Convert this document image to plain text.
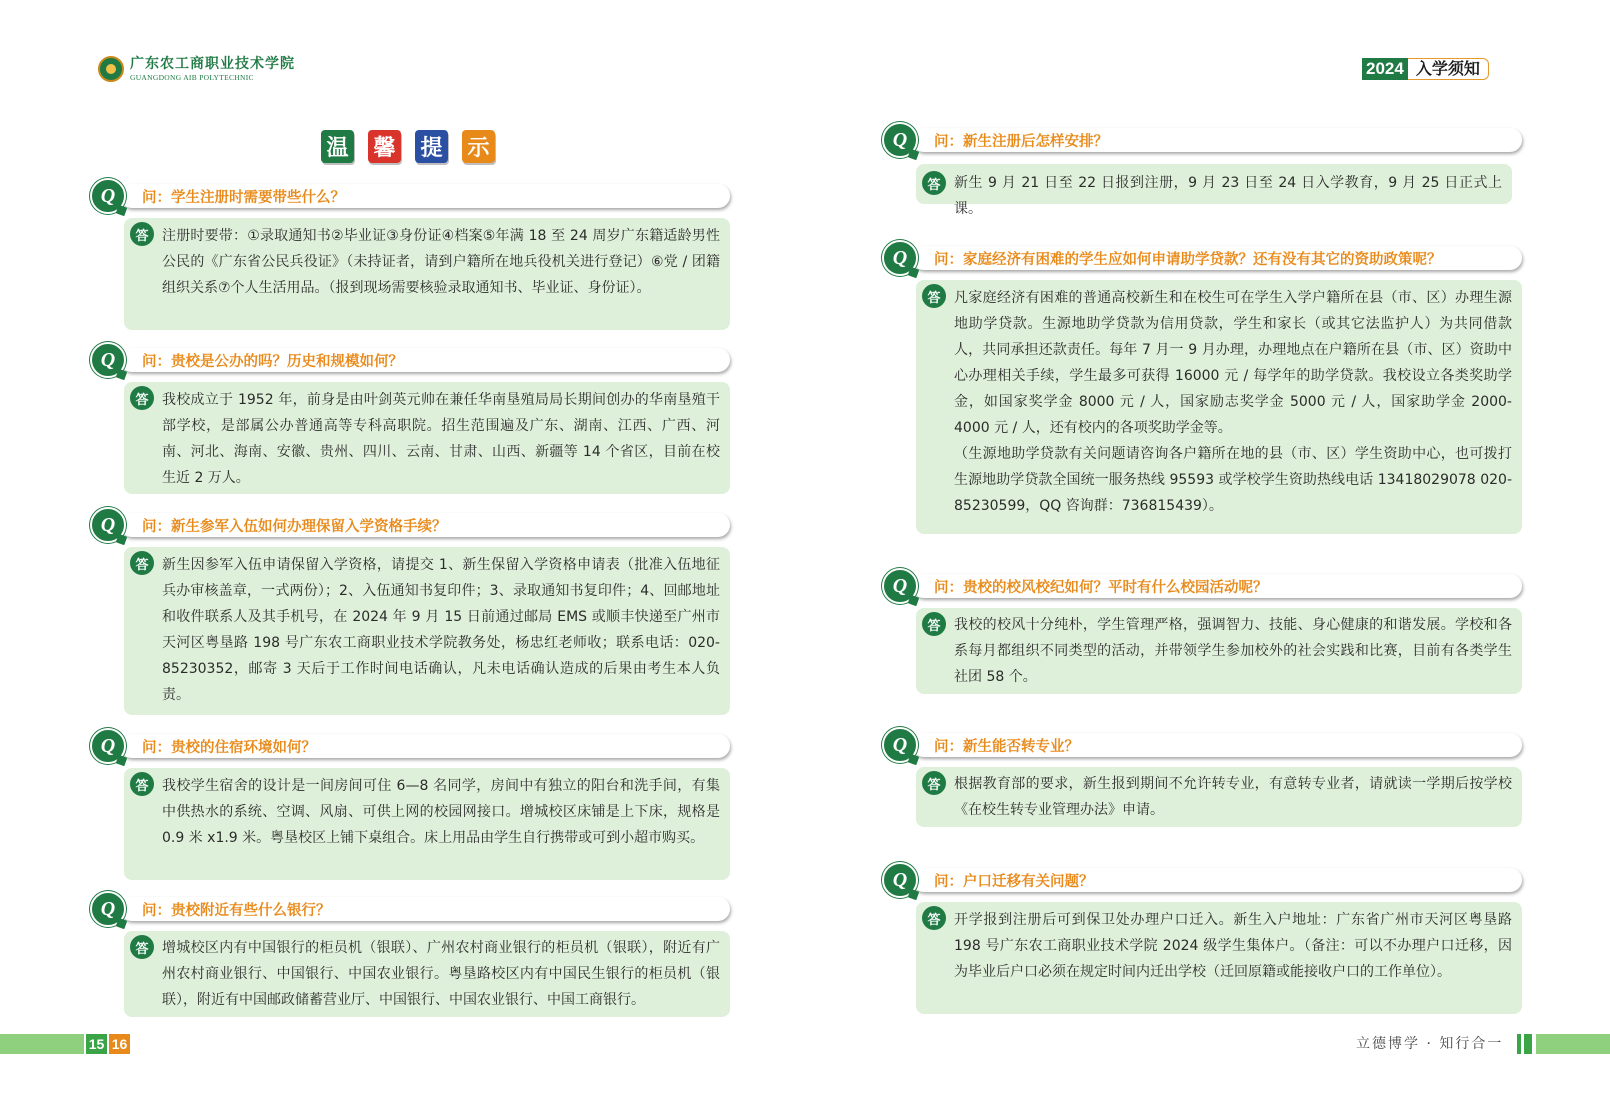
广东农工商职业技术学院
GUANGDONG AIB POLYTECHNIC	2024 入学须知
温 馨 提 示
Q	问：学生注册时需要带些什么？
答 注册时要带：①录取通知书②毕业证③身份证④档案⑤年满 18 至 24 周岁广东籍适龄男性公民的《广东省公民兵役证》（未持证者，请到户籍所在地兵役机关进行登记）⑥党 / 团籍组织关系⑦个人生活用品。（报到现场需要核验录取通知书、毕业证、身份证）。
Q	问：贵校是公办的吗？历史和规模如何？
答 我校成立于 1952 年，前身是由叶剑英元帅在兼任华南垦殖局局长期间创办的华南垦殖干部学校，是部属公办普通高等专科高职院。招生范围遍及广东、湖南、江西、广西、河南、河北、海南、安徽、贵州、四川、云南、甘肃、山西、新疆等 14 个省区，目前在校生近 2 万人。
Q	问：新生参军入伍如何办理保留入学资格手续？
答 新生因参军入伍申请保留入学资格，请提交 1、新生保留入学资格申请表（批准入伍地征兵办审核盖章，一式两份）；2、入伍通知书复印件；3、录取通知书复印件；4、回邮地址和收件联系人及其手机号，在 2024 年 9 月 15 日前通过邮局 EMS 或顺丰快递至广州市天河区粤垦路 198 号广东农工商职业技术学院教务处，杨忠红老师收；联系电话：020-85230352，邮寄 3 天后于工作时间电话确认，凡未电话确认造成的后果由考生本人负责。
Q	问：贵校的住宿环境如何？
答 我校学生宿舍的设计是一间房间可住 6—8 名同学，房间中有独立的阳台和洗手间，有集中供热水的系统、空调、风扇、可供上网的校园网接口。增城校区床铺是上下床，规格是 0.9 米 x1.9 米。粤垦校区上铺下桌组合。床上用品由学生自行携带或可到小超市购买。
Q	问：贵校附近有些什么银行？
答 增城校区内有中国银行的柜员机（银联）、广州农村商业银行的柜员机（银联），附近有广州农村商业银行、中国银行、中国农业银行。粤垦路校区内有中国民生银行的柜员机（银联），附近有中国邮政储蓄营业厅、中国银行、中国农业银行、中国工商银行。
Q	问：新生注册后怎样安排？
答 新生 9 月 21 日至 22 日报到注册，9 月 23 日至 24 日入学教育，9 月 25 日正式上课。
Q	问：家庭经济有困难的学生应如何申请助学贷款？还有没有其它的资助政策呢？
答 凡家庭经济有困难的普通高校新生和在校生可在学生入学户籍所在县（市、区）办理生源地助学贷款。生源地助学贷款为信用贷款，学生和家长（或其它法监护人）为共同借款人，共同承担还款责任。每年 7 月一 9 月办理，办理地点在户籍所在县（市、区）资助中心办理相关手续，学生最多可获得 16000 元 / 每学年的助学贷款。我校设立各类奖助学金，如国家奖学金 8000 元 / 人，国家励志奖学金 5000 元 / 人，国家助学金 2000-4000 元 / 人，还有校内的各项奖助学金等。
（生源地助学贷款有关问题请咨询各户籍所在地的县（市、区）学生资助中心，也可拨打生源地助学贷款全国统一服务热线 95593 或学校学生资助热线电话 13418029078 020-85230599，QQ 咨询群：736815439）。
Q	问：贵校的校风校纪如何？平时有什么校园活动呢？
答 我校的校风十分纯朴，学生管理严格，强调智力、技能、身心健康的和谐发展。学校和各系每月都组织不同类型的活动，并带领学生参加校外的社会实践和比赛，目前有各类学生社团 58 个。
Q	问：新生能否转专业？
答 根据教育部的要求，新生报到期间不允许转专业，有意转专业者，请就读一学期后按学校《在校生转专业管理办法》申请。
Q	问：户口迁移有关问题？
答 开学报到注册后可到保卫处办理户口迁入。新生入户地址：广东省广州市天河区粤垦路 198 号广东农工商职业技术学院 2024 级学生集体户。（备注：可以不办理户口迁移，因为毕业后户口必须在规定时间内迁出学校（迁回原籍或能接收户口的工作单位）。
15 16	立德博学 · 知行合一
